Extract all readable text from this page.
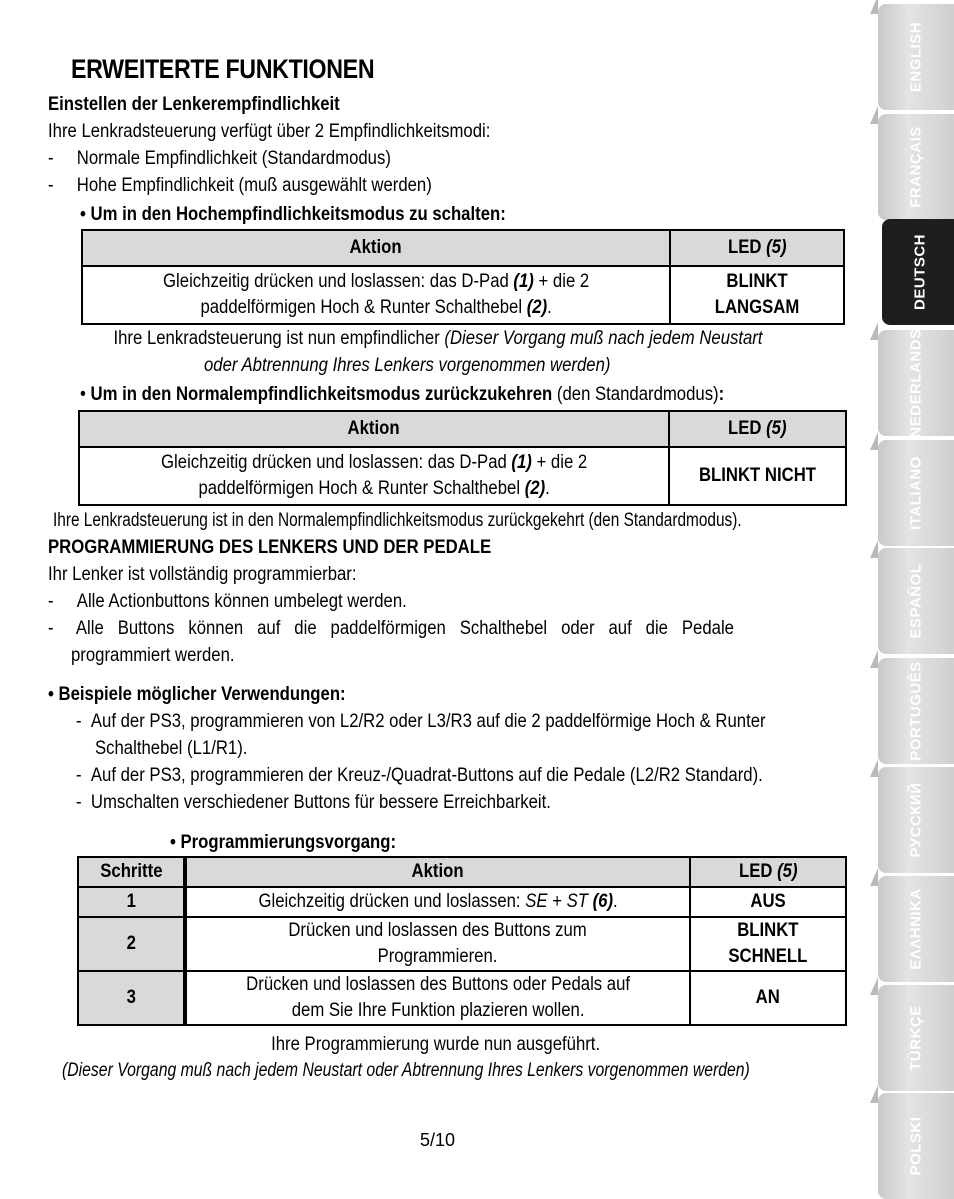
ERWEITERTE FUNKTIONEN
Einstellen der Lenkerempfindlichkeit
Ihre Lenkradsteuerung verfügt über 2 Empfindlichkeitsmodi:
-     Normale Empfindlichkeit (Standardmodus)
-     Hohe Empfindlichkeit (muß ausgewählt werden)
• Um in den Hochempfindlichkeitsmodus zu schalten:
Aktion	LED (5)
Gleichzeitig drücken und loslassen: das D-Pad (1) + die 2
paddelförmigen Hoch & Runter Schalthebel (2).	BLINKT
LANGSAM
Ihre Lenkradsteuerung ist nun empfindlicher (Dieser Vorgang muß nach jedem Neustart
oder Abtrennung Ihres Lenkers vorgenommen werden)
• Um in den Normalempfindlichkeitsmodus zurückzukehren (den Standardmodus):
Aktion	LED (5)
Gleichzeitig drücken und loslassen: das D-Pad (1) + die 2
paddelförmigen Hoch & Runter Schalthebel (2).	BLINKT NICHT
Ihre Lenkradsteuerung ist in den Normalempfindlichkeitsmodus zurückgekehrt (den Standardmodus).
PROGRAMMIERUNG DES LENKERS UND DER PEDALE
Ihr Lenker ist vollständig programmierbar:
-     Alle Actionbuttons können umbelegt werden.
-     Alle   Buttons   können   auf   die   paddelförmigen   Schalthebel   oder   auf   die   Pedale
programmiert werden.
• Beispiele möglicher Verwendungen:
-  Auf der PS3, programmieren von L2/R2 oder L3/R3 auf die 2 paddelförmige Hoch & Runter
Schalthebel (L1/R1).
-  Auf der PS3, programmieren der Kreuz-/Quadrat-Buttons auf die Pedale (L2/R2 Standard).
-  Umschalten verschiedener Buttons für bessere Erreichbarkeit.
• Programmierungsvorgang:
Schritte	Aktion	LED (5)
1	Gleichzeitig drücken und loslassen: SE + ST (6).	AUS
2	Drücken und loslassen des Buttons zum
Programmieren.	BLINKT
SCHNELL
3	Drücken und loslassen des Buttons oder Pedals auf
dem Sie Ihre Funktion plazieren wollen.	AN
Ihre Programmierung wurde nun ausgeführt.
(Dieser Vorgang muß nach jedem Neustart oder Abtrennung Ihres Lenkers vorgenommen werden)
5/10
ENGLISH
FRANÇAIS
DEUTSCH
NEDERLANDS
ITALIANO
ESPAÑOL
PORTUGUÊS
РУССКИЙ
ΕΛΛΗΝΙΚΑ
TÜRKÇE
POLSKI
